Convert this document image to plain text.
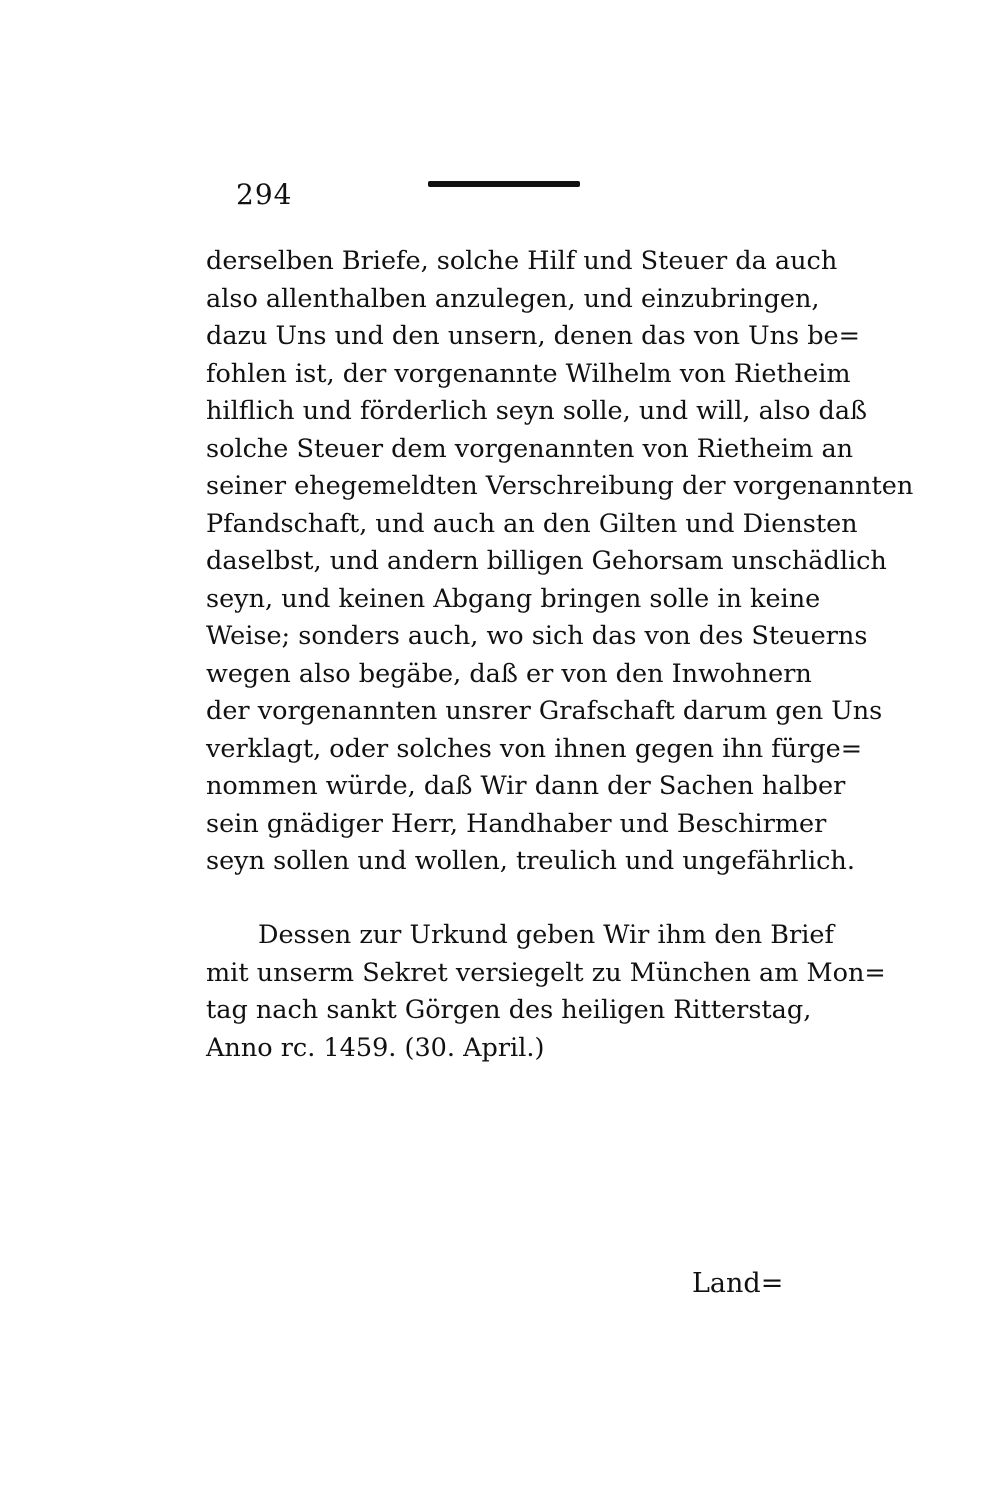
294
derselben Briefe, solche Hilf und Steuer da auch
also allenthalben anzulegen, und einzubringen,
dazu Uns und den unsern, denen das von Uns be=
fohlen ist, der vorgenannte Wilhelm von Rietheim
hilflich und förderlich seyn solle, und will, also daß
solche Steuer dem vorgenannten von Rietheim an
seiner ehegemeldten Verschreibung der vorgenannten
Pfandschaft, und auch an den Gilten und Diensten
daselbst, und andern billigen Gehorsam unschädlich
seyn, und keinen Abgang bringen solle in keine
Weise; sonders auch, wo sich das von des Steuerns
wegen also begäbe, daß er von den Inwohnern
der vorgenannten unsrer Grafschaft darum gen Uns
verklagt, oder solches von ihnen gegen ihn fürge=
nommen würde, daß Wir dann der Sachen halber
sein gnädiger Herr, Handhaber und Beschirmer
seyn sollen und wollen, treulich und ungefährlich.
Dessen zur Urkund geben Wir ihm den Brief
mit unserm Sekret versiegelt zu München am Mon=
tag nach sankt Görgen des heiligen Ritterstag,
Anno rc. 1459. (30. April.)
Land=
